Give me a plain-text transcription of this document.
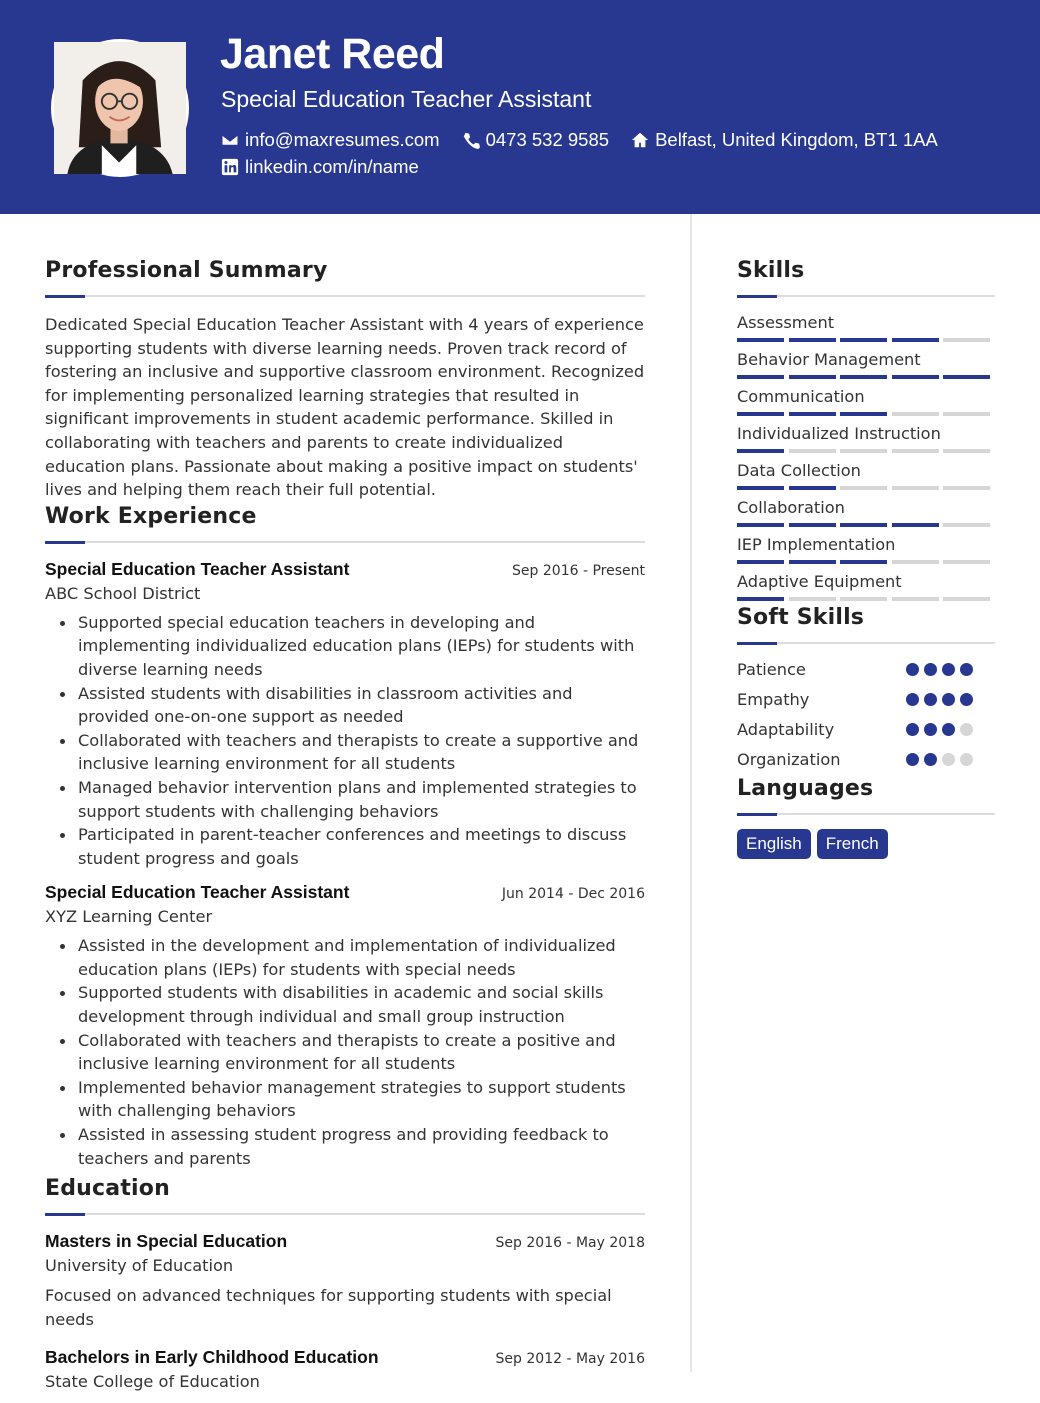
Janet Reed
Special Education Teacher Assistant
info@maxresumes.com 0473 532 9585 Belfast, United Kingdom, BT1 1AA
linkedin.com/in/name
Professional Summary

Dedicated Special Education Teacher Assistant with 4 years of experience supporting students with diverse learning needs. Proven track record of fostering an inclusive and supportive classroom environment. Recognized for implementing personalized learning strategies that resulted in significant improvements in student academic performance. Skilled in collaborating with teachers and parents to create individualized education plans. Passionate about making a positive impact on students' lives and helping them reach their full potential.

Work Experience
Special Education Teacher Assistant	Sep 2016 - Present
ABC School District
Supported special education teachers in developing and implementing individualized education plans (IEPs) for students with diverse learning needs
Assisted students with disabilities in classroom activities and provided one-on-one support as needed
Collaborated with teachers and therapists to create a supportive and inclusive learning environment for all students
Managed behavior intervention plans and implemented strategies to support students with challenging behaviors
Participated in parent-teacher conferences and meetings to discuss student progress and goals
Special Education Teacher Assistant	Jun 2014 - Dec 2016
XYZ Learning Center
Assisted in the development and implementation of individualized education plans (IEPs) for students with special needs
Supported students with disabilities in academic and social skills development through individual and small group instruction
Collaborated with teachers and therapists to create a positive and inclusive learning environment for all students
Implemented behavior management strategies to support students with challenging behaviors
Assisted in assessing student progress and providing feedback to teachers and parents
Education
Masters in Special Education	Sep 2016 - May 2018
University of Education

Focused on advanced techniques for supporting students with special needs

Bachelors in Early Childhood Education	Sep 2012 - May 2016
State College of Education
Skills
Assessment
Behavior Management
Communication
Individualized Instruction
Data Collection
Collaboration
IEP Implementation
Adaptive Equipment
Soft Skills
Patience
Empathy
Adaptability
Organization
Languages
English	French
